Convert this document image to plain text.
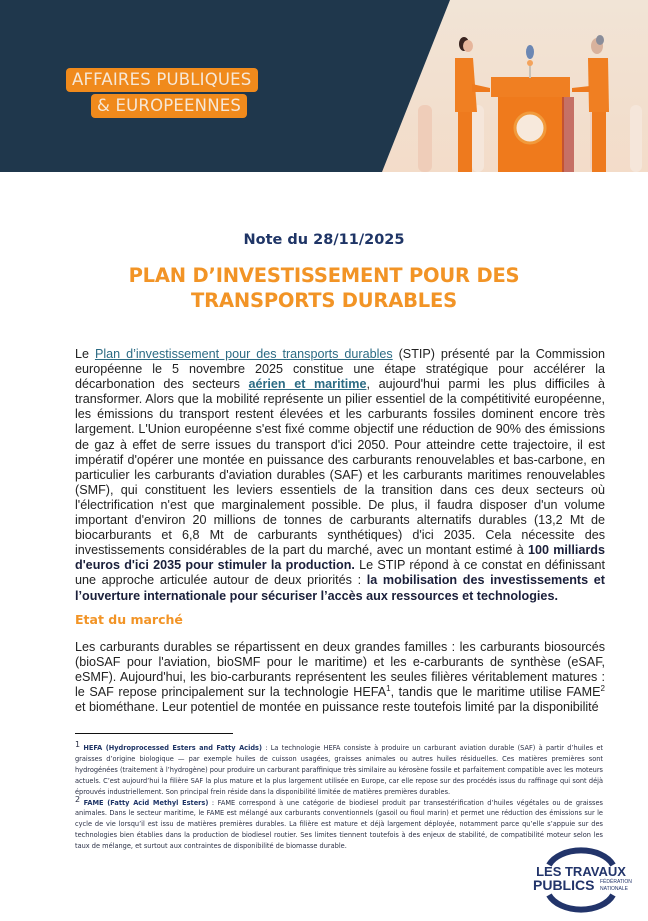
AFFAIRES PUBLIQUES
& EUROPEENNES
Note du 28/11/2025
PLAN D’INVESTISSEMENT POUR DES
TRANSPORTS DURABLES
Le Plan d’investissement pour des transports durables (STIP) présenté par la Commission européenne le 5 novembre 2025 constitue une étape stratégique pour accélérer la décarbonation des secteurs aérien et maritime, aujourd'hui parmi les plus difficiles à transformer. Alors que la mobilité représente un pilier essentiel de la compétitivité européenne, les émissions du transport restent élevées et les carburants fossiles dominent encore très largement. L'Union européenne s'est fixé comme objectif une réduction de 90% des émissions de gaz à effet de serre issues du transport d'ici 2050. Pour atteindre cette trajectoire, il est impératif d'opérer une montée en puissance des carburants renouvelables et bas-carbone, en particulier les carburants d'aviation durables (SAF) et les carburants maritimes renouvelables (SMF), qui constituent les leviers essentiels de la transition dans ces deux secteurs où l'électrification n'est que marginalement possible. De plus, il faudra disposer d'un volume important d'environ 20 millions de tonnes de carburants alternatifs durables (13,2 Mt de biocarburants et 6,8 Mt de carburants synthétiques) d'ici 2035. Cela nécessite des investissements considérables de la part du marché, avec un montant estimé à 100 milliards d'euros d'ici 2035 pour stimuler la production. Le STIP répond à ce constat en définissant une approche articulée autour de deux priorités : la mobilisation des investissements et l’ouverture internationale pour sécuriser l’accès aux ressources et technologies.
Etat du marché
Les carburants durables se répartissent en deux grandes familles : les carburants biosourcés (bioSAF pour l'aviation, bioSMF pour le maritime) et les e-carburants de synthèse (eSAF, eSMF). Aujourd'hui, les bio-carburants représentent les seules filières véritablement matures : le SAF repose principalement sur la technologie HEFA$^1$, tandis que le maritime utilise FAME$^2$ et biométhane. Leur potentiel de montée en puissance reste toutefois limité par la disponibilité
$^1$ HEFA (Hydroprocessed Esters and Fatty Acids) : La technologie HEFA consiste à produire un carburant aviation durable (SAF) à partir d’huiles et graisses d’origine biologique — par exemple huiles de cuisson usagées, graisses animales ou autres huiles résiduelles. Ces matières premières sont hydrogénées (traitement à l’hydrogène) pour produire un carburant paraffinique très similaire au kérosène fossile et parfaitement compatible avec les moteurs actuels. C’est aujourd’hui la filière SAF la plus mature et la plus largement utilisée en Europe, car elle repose sur des procédés issus du raffinage qui sont déjà éprouvés industriellement. Son principal frein réside dans la disponibilité limitée de matières premières durables.
$^2$ FAME (Fatty Acid Methyl Esters) : FAME correspond à une catégorie de biodiesel produit par transestérification d’huiles végétales ou de graisses animales. Dans le secteur maritime, le FAME est mélangé aux carburants conventionnels (gasoil ou fioul marin) et permet une réduction des émissions sur le cycle de vie lorsqu’il est issu de matières premières durables. La filière est mature et déjà largement déployée, notamment parce qu’elle s’appuie sur des technologies bien établies dans la production de biodiesel routier. Ses limites tiennent toutefois à des enjeux de stabilité, de compatibilité moteur selon les taux de mélange, et surtout aux contraintes de disponibilité de biomasse durable.
LES TRAVAUX
PUBLICS FÉDÉRATION
NATIONALE
